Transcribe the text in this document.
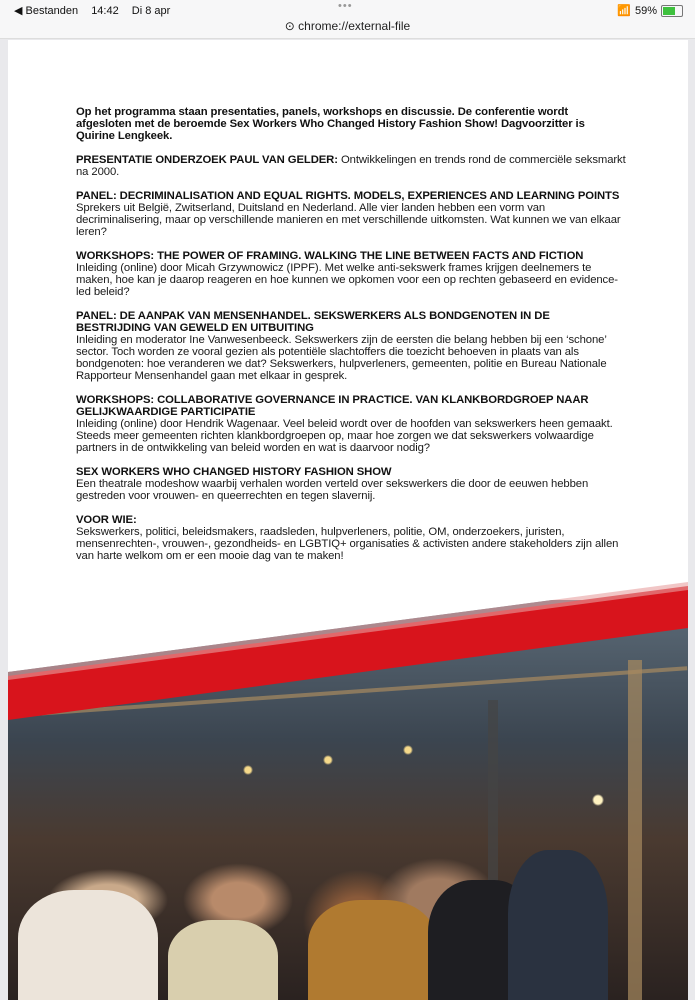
◀ Bestanden 14:42 Di 8 apr	•••
⊙ chrome://external-file
📶 59%

Op het programma staan presentaties, panels, workshops en discussie. De conferentie wordt afgesloten met de beroemde Sex Workers Who Changed History Fashion Show! Dagvoorzitter is Quirine Lengkeek.

PRESENTATIE ONDERZOEK PAUL VAN GELDER: Ontwikkelingen en trends rond de commerciële seksmarkt na 2000.

PANEL: DECRIMINALISATION AND EQUAL RIGHTS. MODELS, EXPERIENCES AND LEARNING POINTS
Sprekers uit België, Zwitserland, Duitsland en Nederland. Alle vier landen hebben een vorm van decriminalisering, maar op verschillende manieren en met verschillende uitkomsten. Wat kunnen we van elkaar leren?

WORKSHOPS: THE POWER OF FRAMING. WALKING THE LINE BETWEEN FACTS AND FICTION
Inleiding (online) door Micah Grzywnowicz (IPPF). Met welke anti-sekswerk frames krijgen deelnemers te maken, hoe kan je daarop reageren en hoe kunnen we opkomen voor een op rechten gebaseerd en evidence-led beleid?

PANEL: DE AANPAK VAN MENSENHANDEL. SEKSWERKERS ALS BONDGENOTEN IN DE BESTRIJDING VAN GEWELD EN UITBUITING
Inleiding en moderator Ine Vanwesenbeeck. Sekswerkers zijn de eersten die belang hebben bij een ‘schone’ sector. Toch worden ze vooral gezien als potentiële slachtoffers die toezicht behoeven in plaats van als bondgenoten: hoe veranderen we dat? Sekswerkers, hulpverleners, gemeenten, politie en Bureau Nationale Rapporteur Mensenhandel gaan met elkaar in gesprek.

WORKSHOPS: COLLABORATIVE GOVERNANCE IN PRACTICE. VAN KLANKBORDGROEP NAAR GELIJKWAARDIGE PARTICIPATIE
Inleiding (online) door Hendrik Wagenaar. Veel beleid wordt over de hoofden van sekswerkers heen gemaakt. Steeds meer gemeenten richten klankbordgroepen op, maar hoe zorgen we dat sekswerkers volwaardige partners in de ontwikkeling van beleid worden en wat is daarvoor nodig?

SEX WORKERS WHO CHANGED HISTORY FASHION SHOW
Een theatrale modeshow waarbij verhalen worden verteld over sekswerkers die door de eeuwen hebben gestreden voor vrouwen- en queerrechten en tegen slavernij.

VOOR WIE:
Sekswerkers, politici, beleidsmakers, raadsleden, hulpverleners, politie, OM, onderzoekers, juristen, mensenrechten-, vrouwen-, gezondheids- en LGBTIQ+ organisaties & activisten andere stakeholders zijn allen van harte welkom om er een mooie dag van te maken!
